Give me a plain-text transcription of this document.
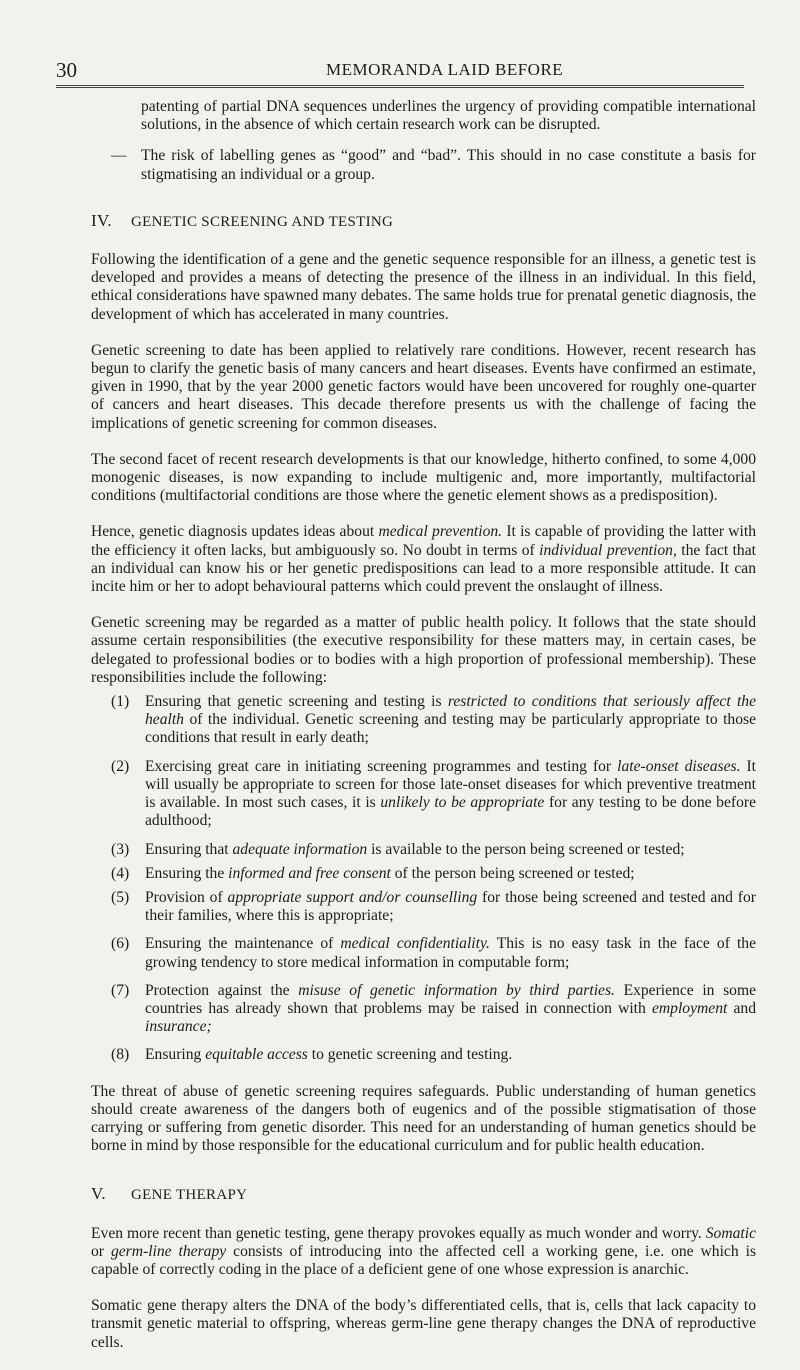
30	MEMORANDA LAID BEFORE

patenting of partial DNA sequences underlines the urgency of providing compatible international solutions, in the absence of which certain research work can be disrupted.

— The risk of labelling genes as “good” and “bad”. This should in no case constitute a basis for stigmatising an individual or a group.
IV. GENETIC SCREENING AND TESTING

Following the identification of a gene and the genetic sequence responsible for an illness, a genetic test is developed and provides a means of detecting the presence of the illness in an individual. In this field, ethical considerations have spawned many debates. The same holds true for prenatal genetic diagnosis, the development of which has accelerated in many countries.

Genetic screening to date has been applied to relatively rare conditions. However, recent research has begun to clarify the genetic basis of many cancers and heart diseases. Events have confirmed an estimate, given in 1990, that by the year 2000 genetic factors would have been uncovered for roughly one-quarter of cancers and heart diseases. This decade therefore presents us with the challenge of facing the implications of genetic screening for common diseases.

The second facet of recent research developments is that our knowledge, hitherto confined, to some 4,000 monogenic diseases, is now expanding to include multigenic and, more importantly, multifactorial conditions (multifactorial conditions are those where the genetic element shows as a predisposition).

Hence, genetic diagnosis updates ideas about medical prevention. It is capable of providing the latter with the efficiency it often lacks, but ambiguously so. No doubt in terms of individual prevention, the fact that an individual can know his or her genetic predispositions can lead to a more responsible attitude. It can incite him or her to adopt behavioural patterns which could prevent the onslaught of illness.

Genetic screening may be regarded as a matter of public health policy. It follows that the state should assume certain responsibilities (the executive responsibility for these matters may, in certain cases, be delegated to professional bodies or to bodies with a high proportion of professional membership). These responsibilities include the following:

(1)	Ensuring that genetic screening and testing is restricted to conditions that seriously affect the health of the individual. Genetic screening and testing may be particularly appropriate to those conditions that result in early death;
(2)	Exercising great care in initiating screening programmes and testing for late-onset diseases. It will usually be appropriate to screen for those late-onset diseases for which preventive treatment is available. In most such cases, it is unlikely to be appropriate for any testing to be done before adulthood;
(3)	Ensuring that adequate information is available to the person being screened or tested;
(4)	Ensuring the informed and free consent of the person being screened or tested;
(5)	Provision of appropriate support and/or counselling for those being screened and tested and for their families, where this is appropriate;
(6)	Ensuring the maintenance of medical confidentiality. This is no easy task in the face of the growing tendency to store medical information in computable form;
(7)	Protection against the misuse of genetic information by third parties. Experience in some countries has already shown that problems may be raised in connection with employment and insurance;
(8)	Ensuring equitable access to genetic screening and testing.

The threat of abuse of genetic screening requires safeguards. Public understanding of human genetics should create awareness of the dangers both of eugenics and of the possible stigmatisation of those carrying or suffering from genetic disorder. This need for an understanding of human genetics should be borne in mind by those responsible for the educational curriculum and for public health education.

V. GENE THERAPY

Even more recent than genetic testing, gene therapy provokes equally as much wonder and worry. Somatic or germ-line therapy consists of introducing into the affected cell a working gene, i.e. one which is capable of correctly coding in the place of a deficient gene of one whose expression is anarchic.

Somatic gene therapy alters the DNA of the body’s differentiated cells, that is, cells that lack capacity to transmit genetic material to offspring, whereas germ-line gene therapy changes the DNA of reproductive cells.
